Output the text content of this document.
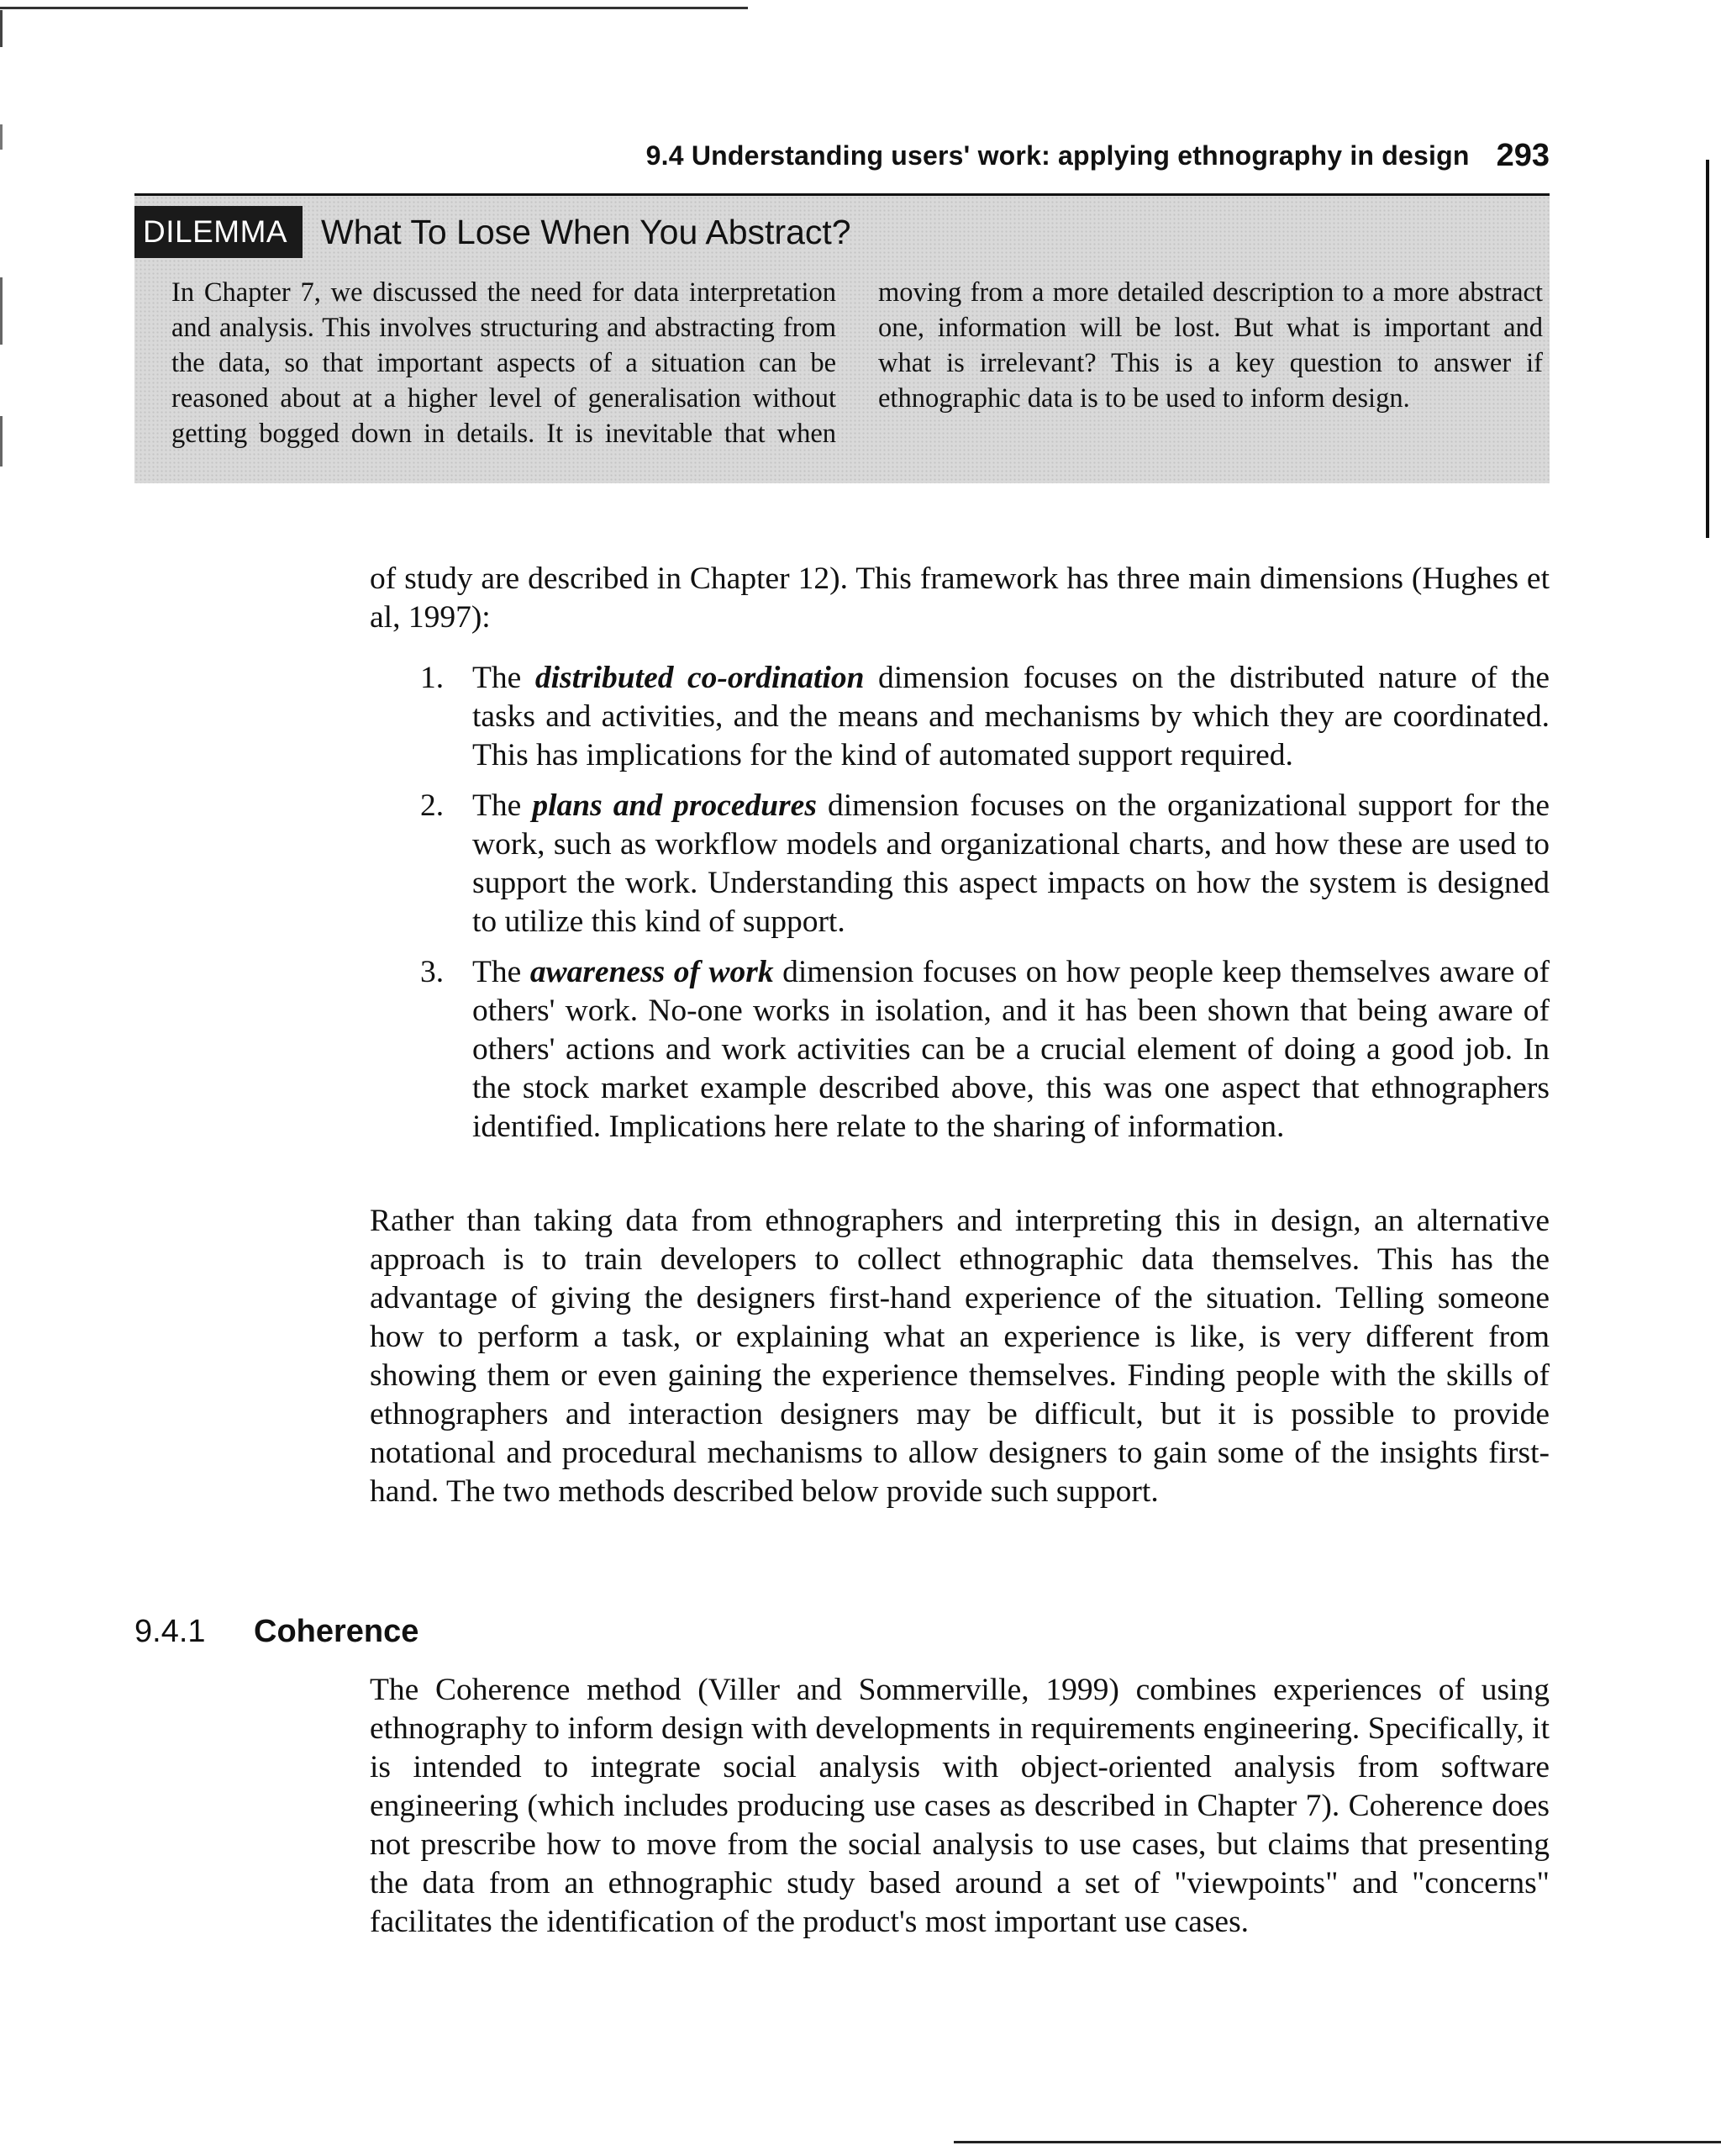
9.4 Understanding users' work: applying ethnography in design 293
DILEMMA What To Lose When You Abstract?
In Chapter 7, we discussed the need for data interpretation and analysis. This involves structuring and abstracting from the data, so that important aspects of a situation can be reasoned about at a higher level of generalisation without getting bogged down in details. It is inevitable that when moving from a more detailed description to a more abstract one, information will be lost. But what is important and what is irrelevant? This is a key question to answer if ethnographic data is to be used to inform design.

of study are described in Chapter 12). This framework has three main dimensions (Hughes et al, 1997):

1. The distributed co-ordination dimension focuses on the distributed nature of the tasks and activities, and the means and mechanisms by which they are coordinated. This has implications for the kind of automated support required.
2. The plans and procedures dimension focuses on the organizational support for the work, such as workflow models and organizational charts, and how these are used to support the work. Understanding this aspect impacts on how the system is designed to utilize this kind of support.
3. The awareness of work dimension focuses on how people keep themselves aware of others' work. No-one works in isolation, and it has been shown that being aware of others' actions and work activities can be a crucial element of doing a good job. In the stock market example described above, this was one aspect that ethnographers identified. Implications here relate to the sharing of information.

Rather than taking data from ethnographers and interpreting this in design, an alternative approach is to train developers to collect ethnographic data themselves. This has the advantage of giving the designers first-hand experience of the situation. Telling someone how to perform a task, or explaining what an experience is like, is very different from showing them or even gaining the experience themselves. Finding people with the skills of ethnographers and interaction designers may be difficult, but it is possible to provide notational and procedural mechanisms to allow designers to gain some of the insights first-hand. The two methods described below provide such support.

9.4.1 Coherence

The Coherence method (Viller and Sommerville, 1999) combines experiences of using ethnography to inform design with developments in requirements engineering. Specifically, it is intended to integrate social analysis with object-oriented analysis from software engineering (which includes producing use cases as described in Chapter 7). Coherence does not prescribe how to move from the social analysis to use cases, but claims that presenting the data from an ethnographic study based around a set of "viewpoints" and "concerns" facilitates the identification of the product's most important use cases.
